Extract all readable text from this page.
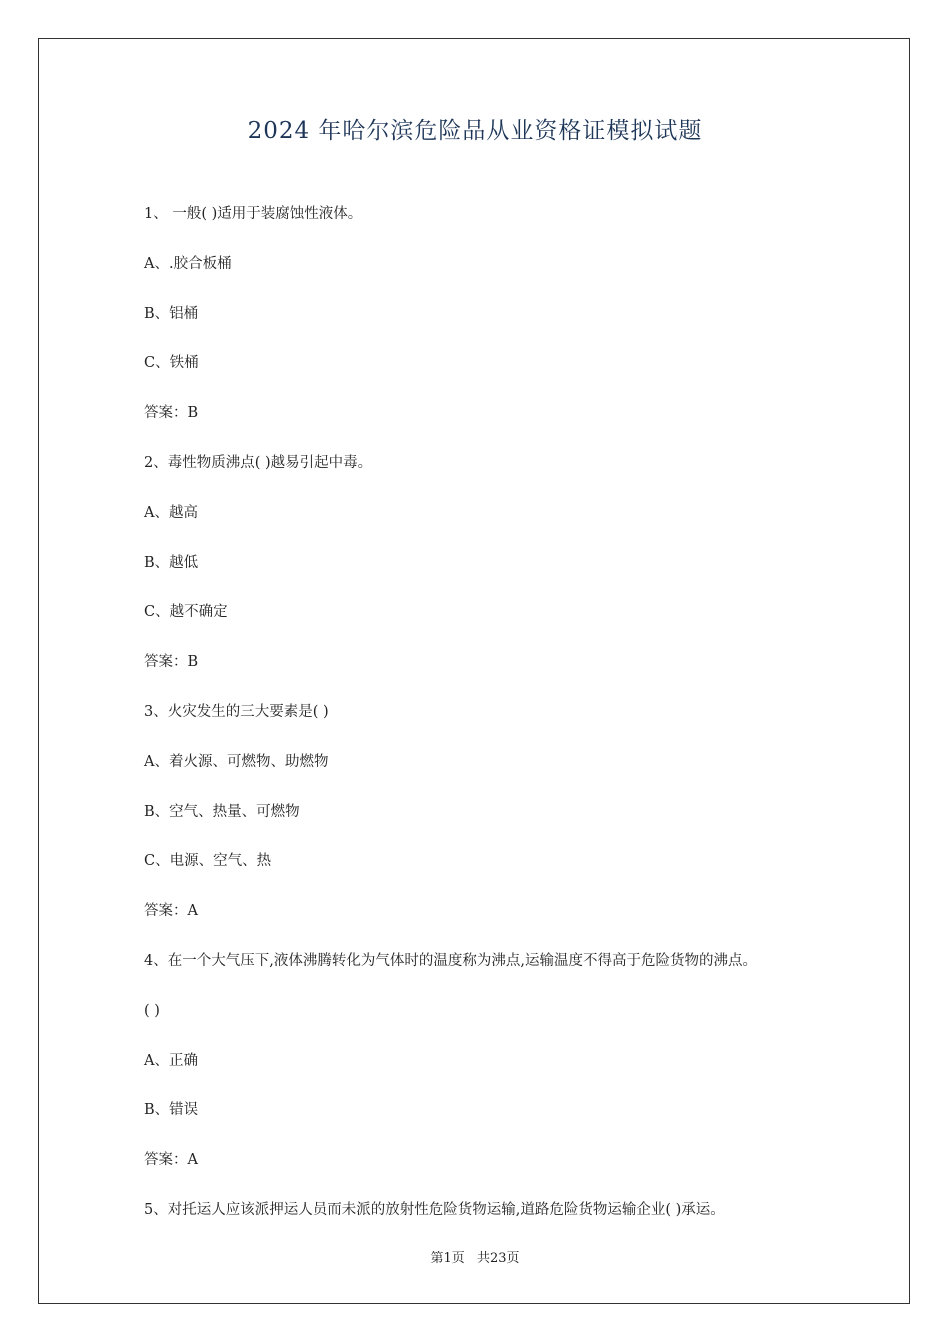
2024 年哈尔滨危险品从业资格证模拟试题
1、 一般( )适用于装腐蚀性液体。
A、.胶合板桶
B、铝桶
C、铁桶
答案：B
2、毒性物质沸点( )越易引起中毒。
A、越高
B、越低
C、越不确定
答案：B
3、火灾发生的三大要素是( )
A、着火源、可燃物、助燃物
B、空气、热量、可燃物
C、电源、空气、热
答案：A
4、在一个大气压下,液体沸腾转化为气体时的温度称为沸点,运输温度不得高于危险货物的沸点。
( )
A、正确
B、错误
答案：A
5、对托运人应该派押运人员而未派的放射性危险货物运输,道路危险货物运输企业( )承运。
第1页 共23页
